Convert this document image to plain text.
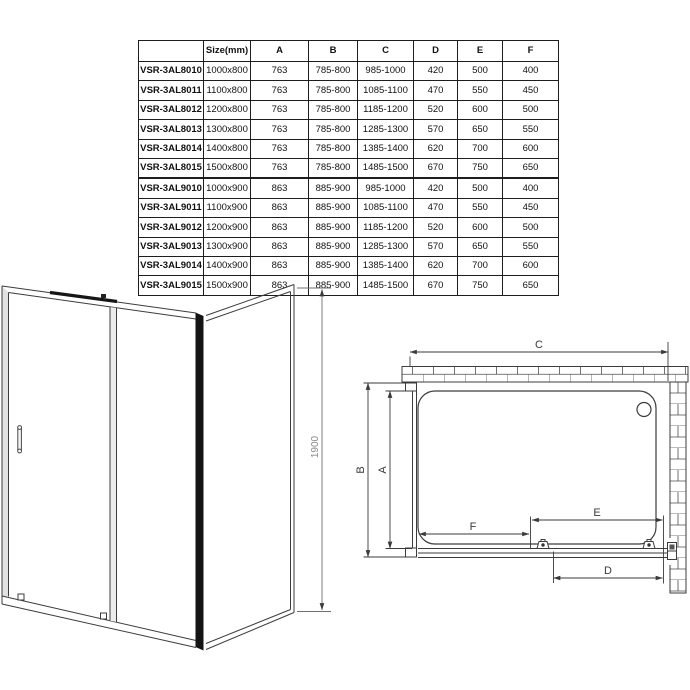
	Size(mm)	A	B	C	D	E	F
VSR-3AL8010	1000x800	763	785-800	985-1000	420	500	400
VSR-3AL8011	1100x800	763	785-800	1085-1100	470	550	450
VSR-3AL8012	1200x800	763	785-800	1185-1200	520	600	500
VSR-3AL8013	1300x800	763	785-800	1285-1300	570	650	550
VSR-3AL8014	1400x800	763	785-800	1385-1400	620	700	600
VSR-3AL8015	1500x800	763	785-800	1485-1500	670	750	650
VSR-3AL9010	1000x900	863	885-900	985-1000	420	500	400
VSR-3AL9011	1100x900	863	885-900	1085-1100	470	550	450
VSR-3AL9012	1200x900	863	885-900	1185-1200	520	600	500
VSR-3AL9013	1300x900	863	885-900	1285-1300	570	650	550
VSR-3AL9014	1400x900	863	885-900	1385-1400	620	700	600
VSR-3AL9015	1500x900	863	885-900	1485-1500	670	750	650
1900
C
B A
F
E
D
